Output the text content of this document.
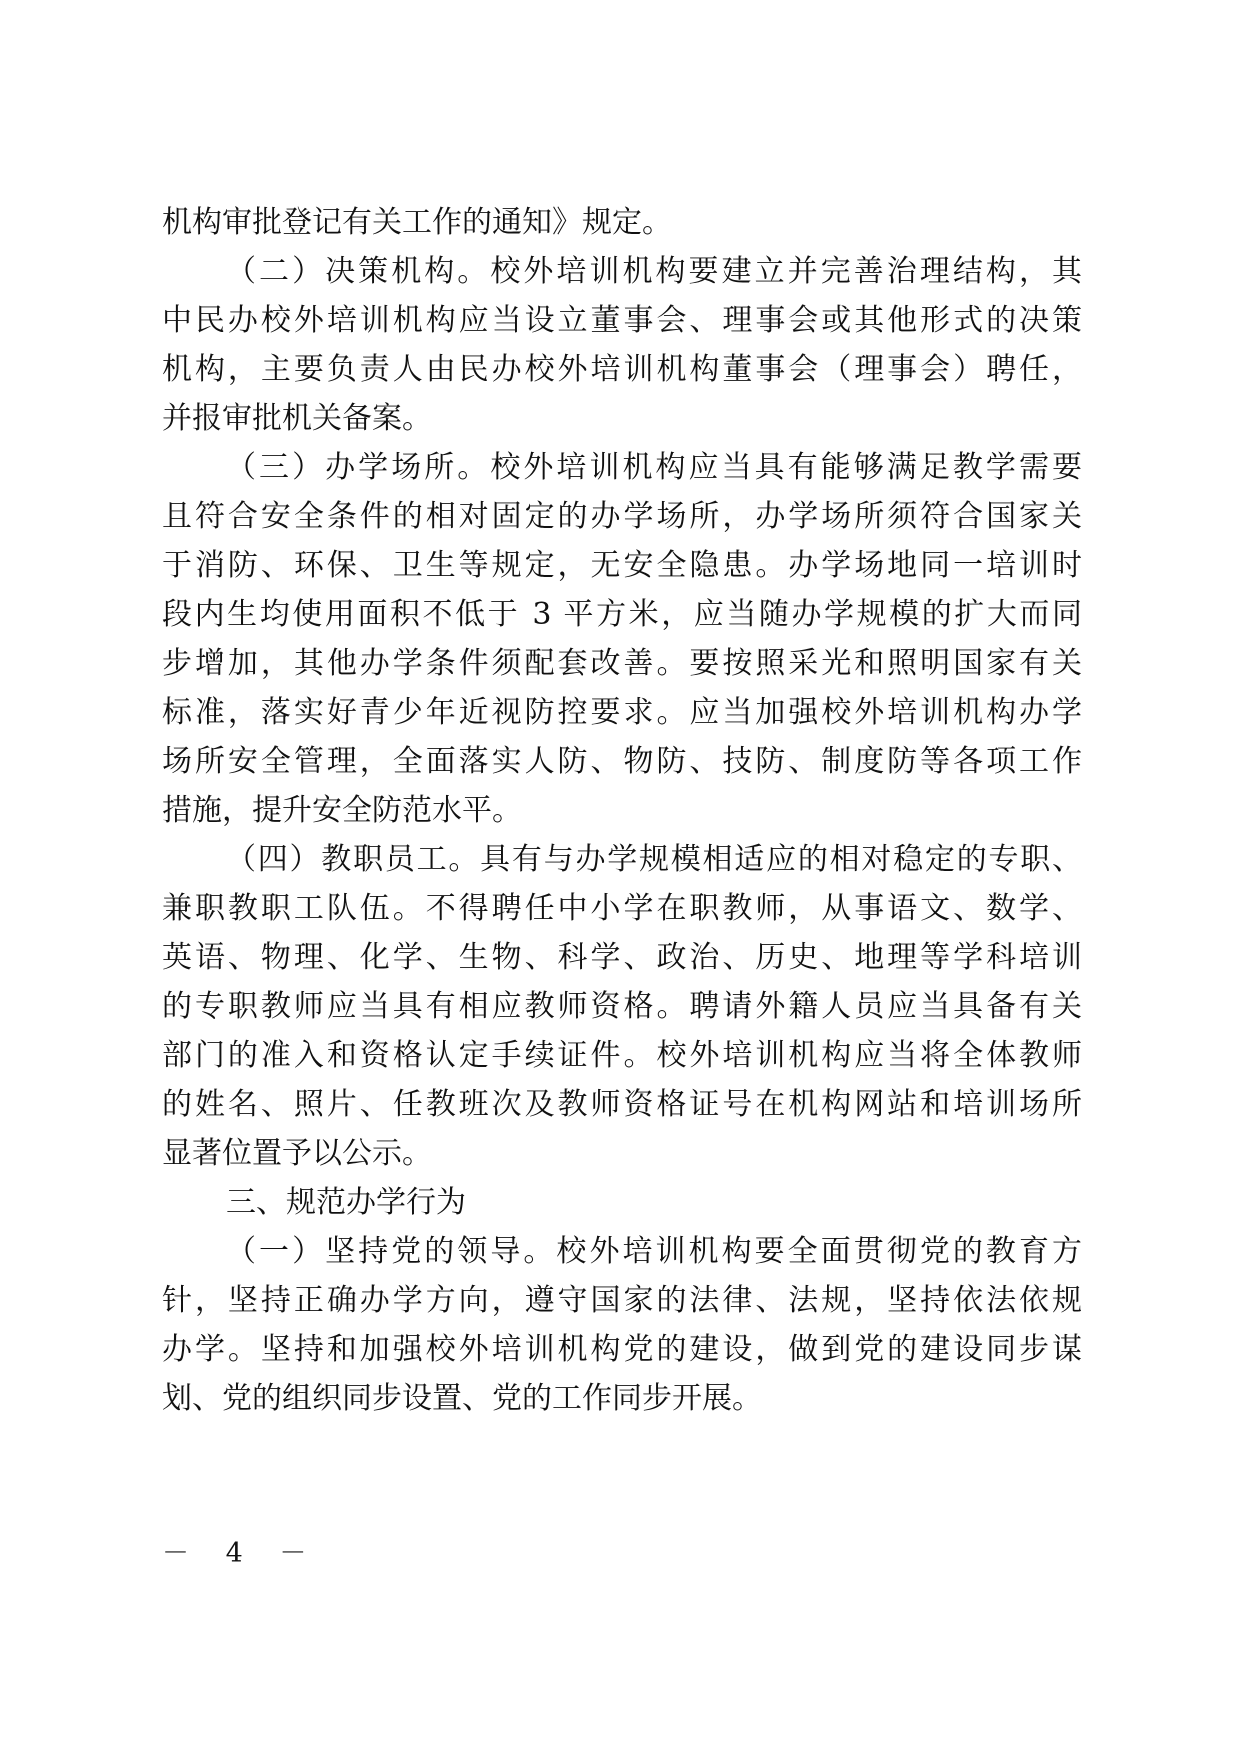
机构审批登记有关工作的通知》规定。
（二）决策机构。校外培训机构要建立并完善治理结构，其
中民办校外培训机构应当设立董事会、理事会或其他形式的决策
机构，主要负责人由民办校外培训机构董事会（理事会）聘任，
并报审批机关备案。
（三）办学场所。校外培训机构应当具有能够满足教学需要
且符合安全条件的相对固定的办学场所，办学场所须符合国家关
于消防、环保、卫生等规定，无安全隐患。办学场地同一培训时
段内生均使用面积不低于 3 平方米，应当随办学规模的扩大而同
步增加，其他办学条件须配套改善。要按照采光和照明国家有关
标准，落实好青少年近视防控要求。应当加强校外培训机构办学
场所安全管理，全面落实人防、物防、技防、制度防等各项工作
措施，提升安全防范水平。
（四）教职员工。具有与办学规模相适应的相对稳定的专职、
兼职教职工队伍。不得聘任中小学在职教师，从事语文、数学、
英语、物理、化学、生物、科学、政治、历史、地理等学科培训
的专职教师应当具有相应教师资格。聘请外籍人员应当具备有关
部门的准入和资格认定手续证件。校外培训机构应当将全体教师
的姓名、照片、任教班次及教师资格证号在机构网站和培训场所
显著位置予以公示。
三、规范办学行为
（一）坚持党的领导。校外培训机构要全面贯彻党的教育方
针，坚持正确办学方向，遵守国家的法律、法规，坚持依法依规
办学。坚持和加强校外培训机构党的建设，做到党的建设同步谋
划、党的组织同步设置、党的工作同步开展。
－ 4 －
